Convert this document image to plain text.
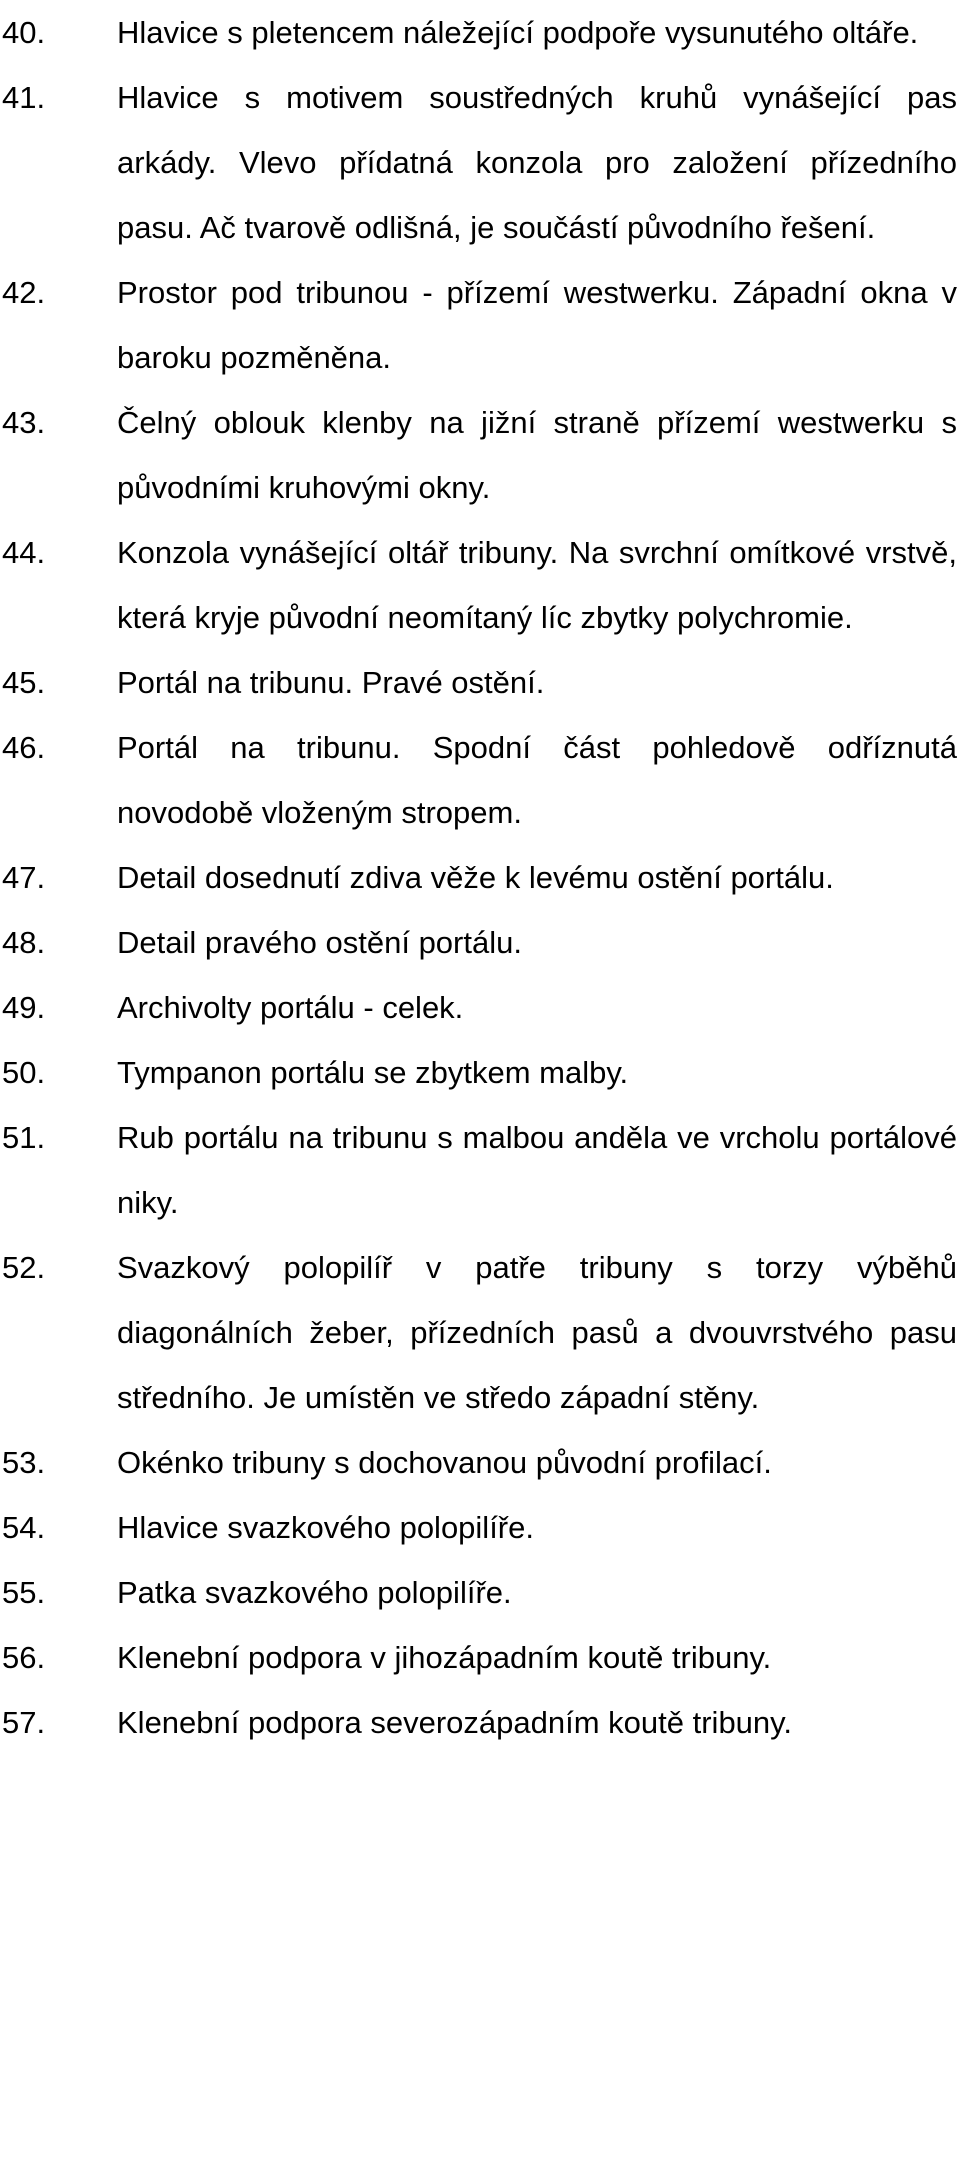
40.	Hlavice s pletencem náležející podpoře vysunutého oltáře.
41.	Hlavice s motivem soustředných kruhů vynášející pas arkády. Vlevo přídatná konzola pro založení přízedního pasu. Ač tvarově odlišná, je součástí původního řešení.
42.	Prostor pod tribunou - přízemí westwerku. Západní okna v baroku pozměněna.
43.	Čelný oblouk klenby na jižní straně přízemí westwerku s původními kruhovými okny.
44.	Konzola vynášející oltář tribuny. Na svrchní omítkové vrstvě, která kryje původní neomítaný líc zbytky polychromie.
45.	Portál na tribunu. Pravé ostění.
46.	Portál na tribunu. Spodní část pohledově odříznutá novodobě vloženým stropem.
47.	Detail dosednutí zdiva věže k levému ostění portálu.
48.	Detail pravého ostění portálu.
49.	Archivolty portálu - celek.
50.	Tympanon portálu se zbytkem malby.
51.	Rub portálu na tribunu s malbou anděla ve vrcholu portálové niky.
52.	Svazkový polopilíř v patře tribuny s torzy výběhů diagonálních žeber, přízedních pasů a dvouvrstvého pasu středního. Je umístěn ve středo západní stěny.
53.	Okénko tribuny s dochovanou původní profilací.
54.	Hlavice svazkového polopilíře.
55.	Patka svazkového polopilíře.
56.	Klenební podpora v jihozápadním koutě tribuny.
57.	Klenební podpora severozápadním koutě tribuny.
